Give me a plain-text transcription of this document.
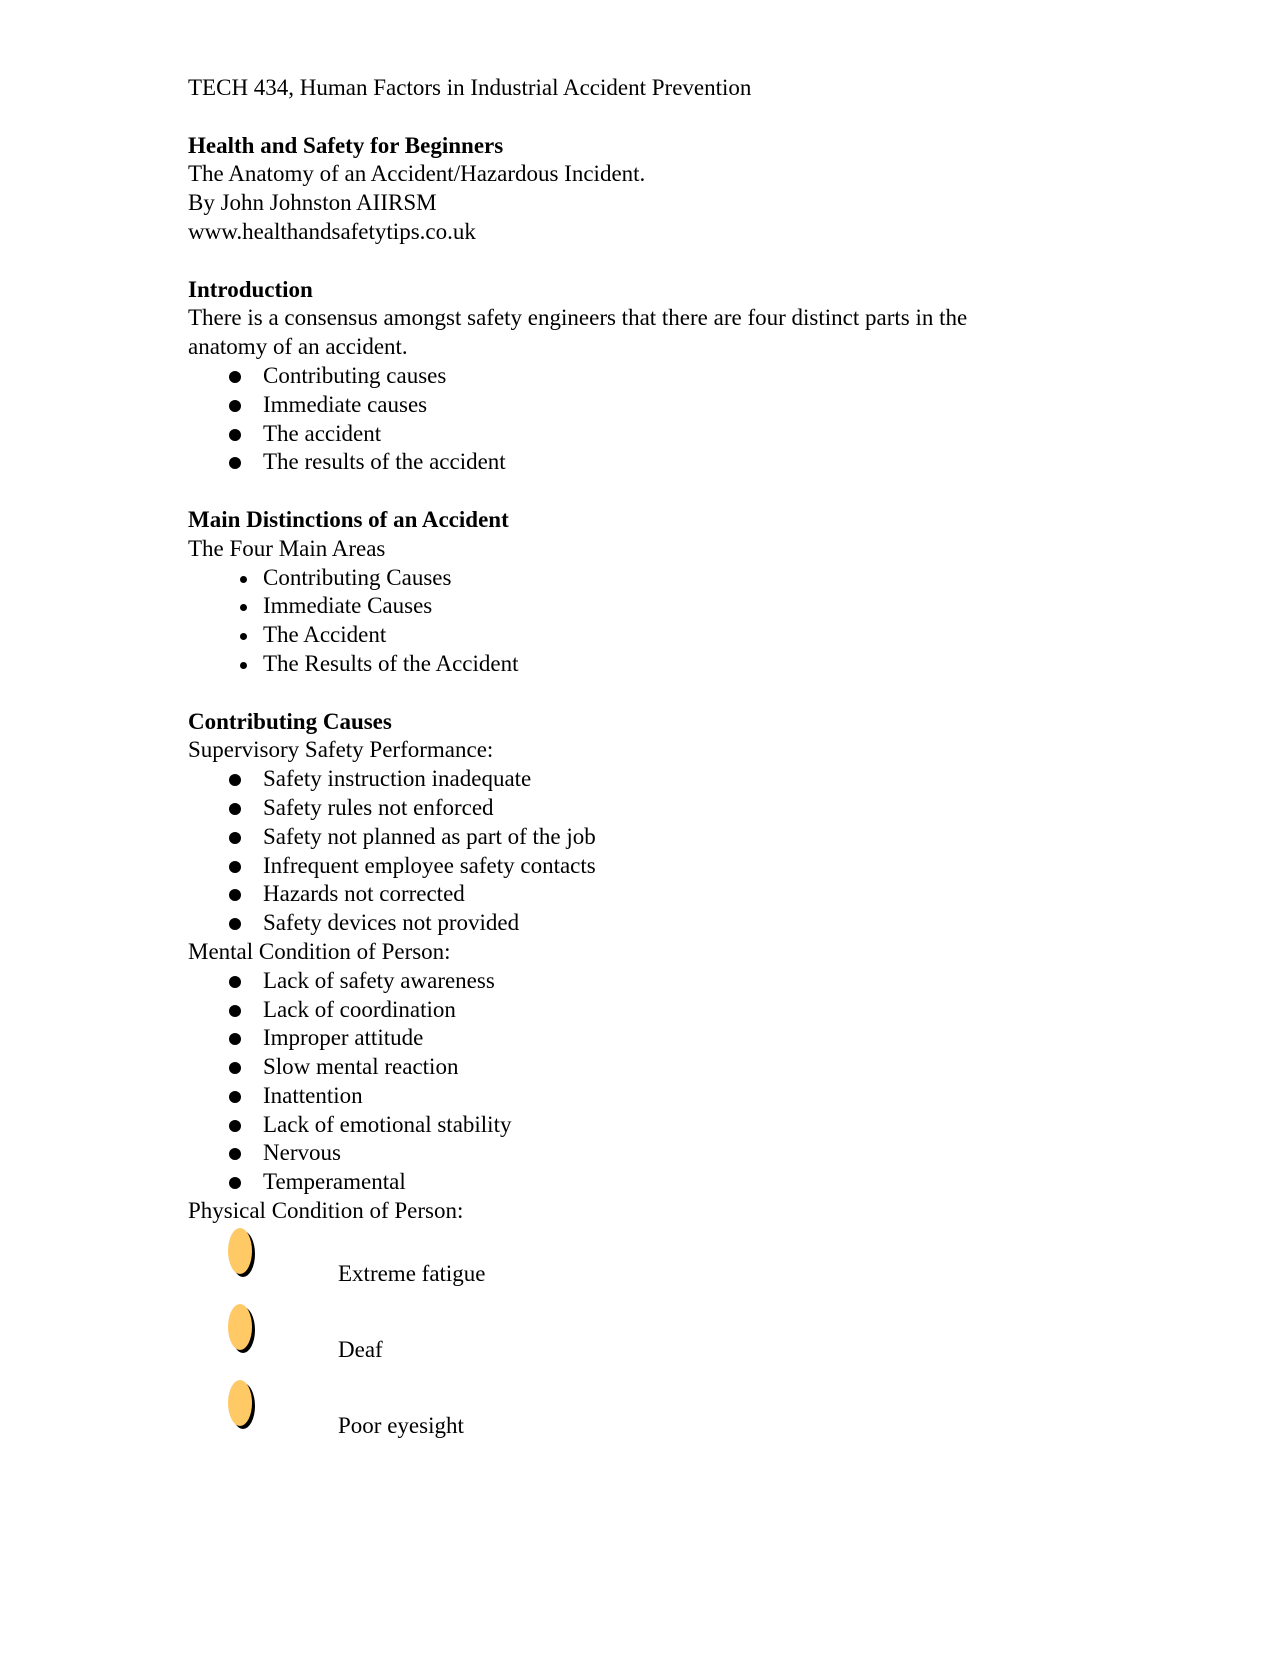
TECH 434, Human Factors in Industrial Accident Prevention

Health and Safety for Beginners

The Anatomy of an Accident/Hazardous Incident.

By John Johnston AIIRSM

www.healthandsafetytips.co.uk

Introduction

There is a consensus amongst safety engineers that there are four distinct parts in the

anatomy of an accident.

Contributing causes
Immediate causes
The accident
The results of the accident

Main Distinctions of an Accident

The Four Main Areas

Contributing Causes
Immediate Causes
The Accident
The Results of the Accident

Contributing Causes

Supervisory Safety Performance:

Safety instruction inadequate
Safety rules not enforced
Safety not planned as part of the job
Infrequent employee safety contacts
Hazards not corrected
Safety devices not provided

Mental Condition of Person:

Lack of safety awareness
Lack of coordination
Improper attitude
Slow mental reaction
Inattention
Lack of emotional stability
Nervous
Temperamental

Physical Condition of Person:

Extreme fatigue
Deaf
Poor eyesight
